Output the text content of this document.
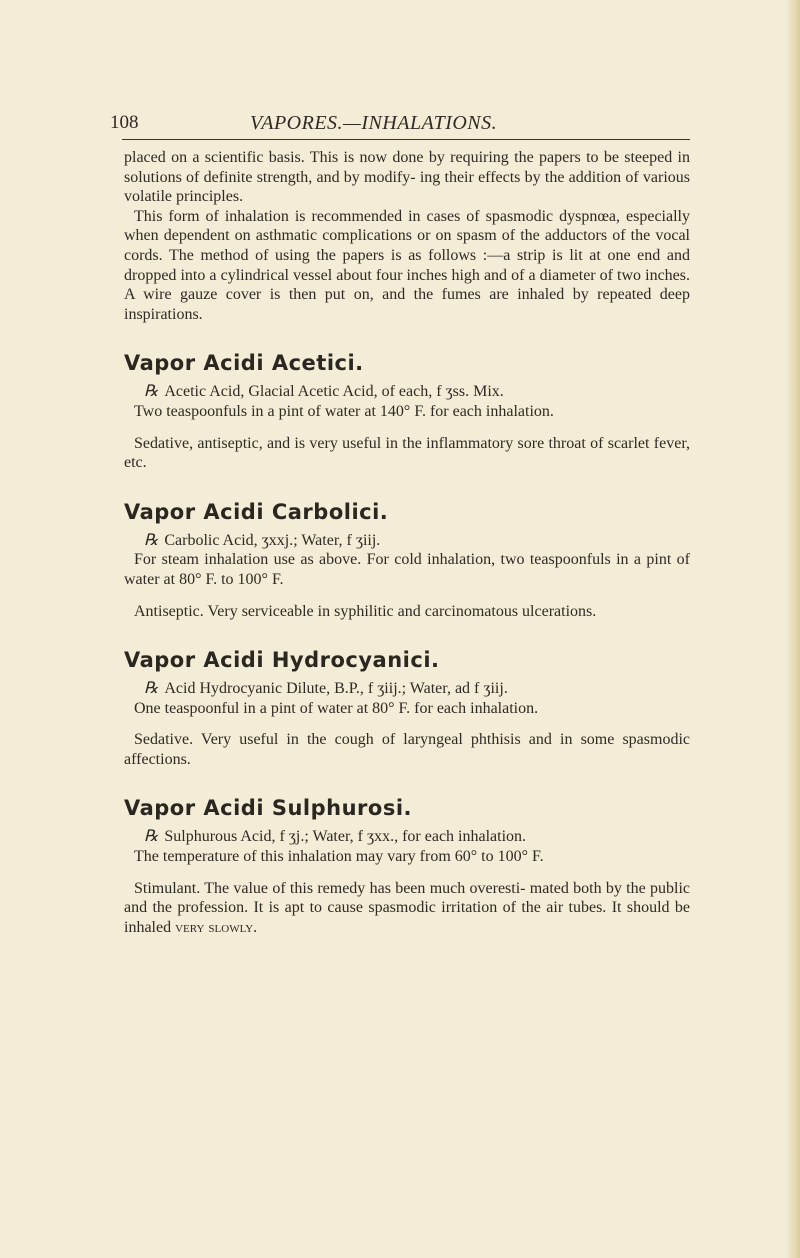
108	VAPORES.—INHALATIONS.

placed on a scientific basis. This is now done by requiring the papers to be steeped in solutions of definite strength, and by modify- ing their effects by the addition of various volatile principles.

This form of inhalation is recommended in cases of spasmodic dyspnœa, especially when dependent on asthmatic complications or on spasm of the adductors of the vocal cords. The method of using the papers is as follows :—a strip is lit at one end and dropped into a cylindrical vessel about four inches high and of a diameter of two inches. A wire gauze cover is then put on, and the fumes are inhaled by repeated deep inspirations.

Vapor Acidi Acetici.

℞ Acetic Acid, Glacial Acetic Acid, of each, f ʒss. Mix.

Two teaspoonfuls in a pint of water at 140° F. for each inhalation.

Sedative, antiseptic, and is very useful in the inflammatory sore throat of scarlet fever, etc.

Vapor Acidi Carbolici.

℞ Carbolic Acid, ʒxxj.; Water, f ʒiij.

For steam inhalation use as above. For cold inhalation, two teaspoonfuls in a pint of water at 80° F. to 100° F.

Antiseptic. Very serviceable in syphilitic and carcinomatous ulcerations.

Vapor Acidi Hydrocyanici.

℞ Acid Hydrocyanic Dilute, B.P., f ʒiij.; Water, ad f ʒiij.

One teaspoonful in a pint of water at 80° F. for each inhalation.

Sedative. Very useful in the cough of laryngeal phthisis and in some spasmodic affections.

Vapor Acidi Sulphurosi.

℞ Sulphurous Acid, f ʒj.; Water, f ʒxx., for each inhalation.

The temperature of this inhalation may vary from 60° to 100° F.

Stimulant. The value of this remedy has been much overesti- mated both by the public and the profession. It is apt to cause spasmodic irritation of the air tubes. It should be inhaled very slowly.
